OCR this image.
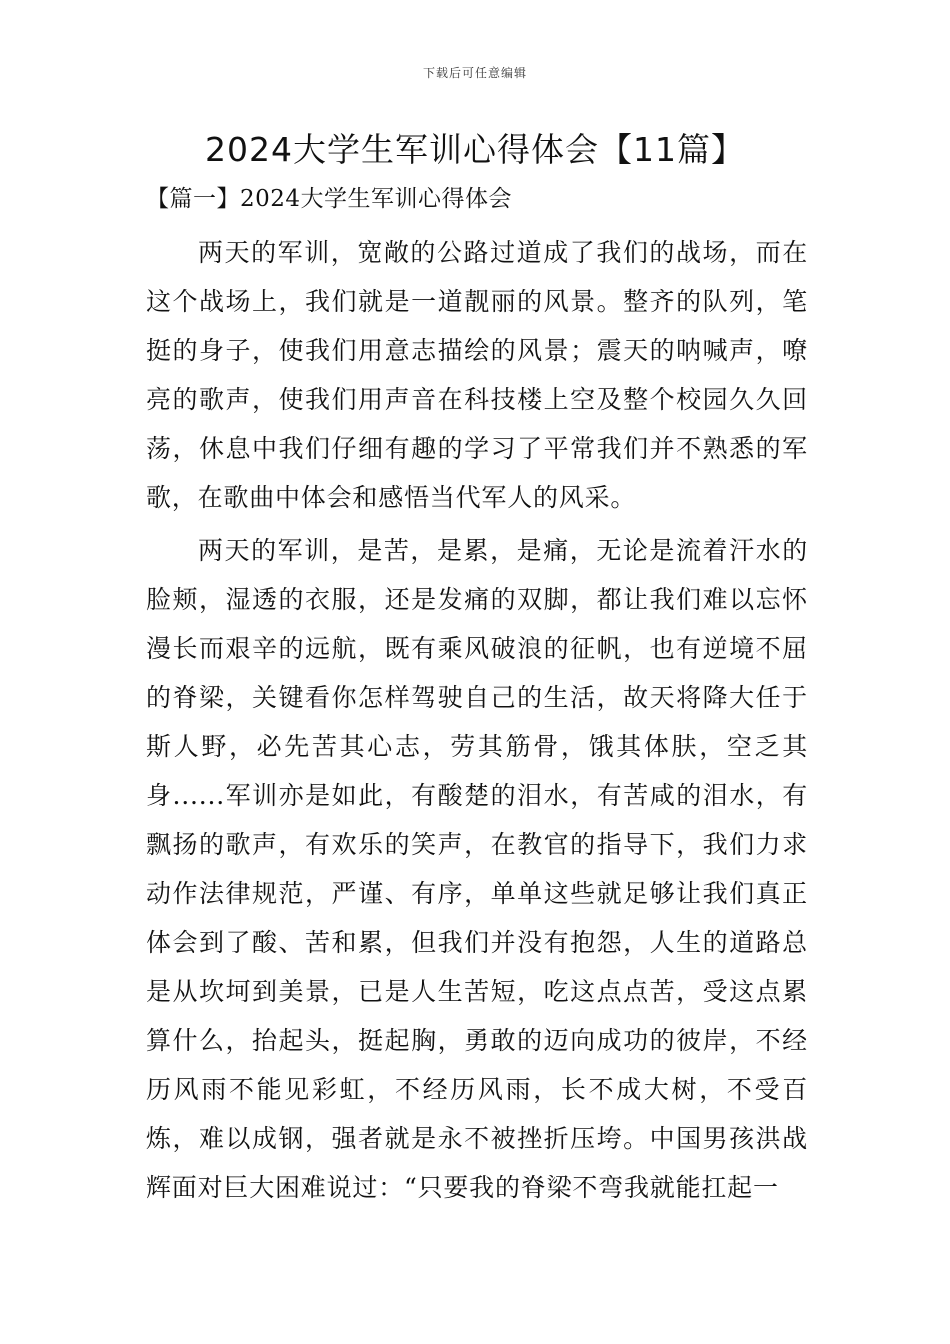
下载后可任意编辑
2024大学生军训心得体会【11篇】
【篇一】2024大学生军训心得体会

两天的军训，宽敞的公路过道成了我们的战场，而在这个战场上，我们就是一道靓丽的风景。整齐的队列，笔挺的身子，使我们用意志描绘的风景；震天的呐喊声，嘹亮的歌声，使我们用声音在科技楼上空及整个校园久久回荡，休息中我们仔细有趣的学习了平常我们并不熟悉的军歌，在歌曲中体会和感悟当代军人的风采。

两天的军训，是苦，是累，是痛，无论是流着汗水的脸颊，湿透的衣服，还是发痛的双脚，都让我们难以忘怀漫长而艰辛的远航，既有乘风破浪的征帆，也有逆境不屈的脊梁，关键看你怎样驾驶自己的生活，故天将降大任于斯人野，必先苦其心志，劳其筋骨，饿其体肤，空乏其身......军训亦是如此，有酸楚的泪水，有苦咸的泪水，有飘扬的歌声，有欢乐的笑声，在教官的指导下，我们力求动作法律规范，严谨、有序，单单这些就足够让我们真正体会到了酸、苦和累，但我们并没有抱怨，人生的道路总是从坎坷到美景，已是人生苦短，吃这点点苦，受这点累算什么，抬起头，挺起胸，勇敢的迈向成功的彼岸，不经历风雨不能见彩虹，不经历风雨，长不成大树，不受百炼，难以成钢，强者就是永不被挫折压垮。中国男孩洪战辉面对巨大困难说过：“只要我的脊梁不弯我就能扛起一
